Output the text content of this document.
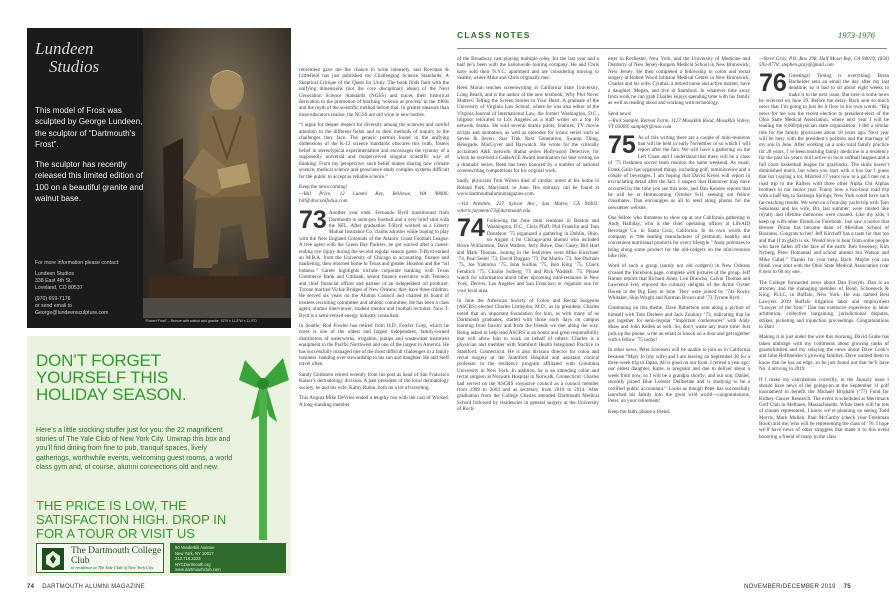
Lundeen
Studios

This model of Frost was sculpted by George Lundeen, the sculptor of “Dartmouth’s Frost”.

The sculptor has recently released this limited edition of 100 on a beautiful granite and walnut base.

For more information please contact:
Lundeen Studios
338 East 4th St.
Loveland, CO 80537
(970) 669-7176
or send email to
George@lundeensculpture.com
“Robert Frost” – Bronze with walnut and granite, 16”H x 11.5”W x 11.5”D
DON’T FORGET YOURSELF THIS HOLIDAY SEASON.
Here’s a little stocking stuffer just for you: the 22 magnificent stories of The Yale Club of New York City. Unwrap this box and you’ll find dining from fine to pub, tranquil spaces, lively gatherings, worthwhile events, welcoming guest rooms, a world class gym and, of course, alumni connections old and new.
THE PRICE IS LOW, THE SATISFACTION HIGH. DROP IN FOR A TOUR OR VISIT US
The Dartmouth College Club
in residence at The Yale Club of New York City
50 Vanderbilt Avenue
New York, NY 10017
212.716.2223
NYCDartmouth.org
www.dartmouthclub.com

retirement gave me the chance to write intensely, and Rowman & Littlefield has just published my Challenging Science Standards: A Skeptical Critique of the Quest for Unity. The book finds fault with the unifying dimensions (not the core disciplinary ideas) of the Next Generation Science Standards (NGSS) and traces their historical derivation to the promotion of teaching ‘science as process’ in the 1960s and the myth of the scientific method before that. In greater measure than most educators realize, the NGSS are old wine in new bottles.

“I argue for deeper respect for diversity among the sciences and careful attention to the different fields and to their methods of inquiry to the challenges they face. The generic portrait found in the unifying dimensions of the K-12 science standards obscures this truth, fosters belief in stereotypical experimentation and encourages the tyranny of a supposedly universal and misperceived singular scientific way of thinking. From my perspective, such belief makes sharing how climate science, medical science and geoscience study complex systems difficult for the public to accept as reliable science.”

Keep the news coming!

—Bill Price, 12 Lummi Key, Bellevue, WA 98006; bill@draconifolius.com

73 Another year ends. Fernando Byrd transitioned from Dartmouth to semi-pro football and a very brief stint with the NFL. After graduation T-Byrd worked as a Liberty Mutual Insurance Co. claims adjuster while hoping to play with the New England Colonials of the Atlantic Coast Football League. A free agent with the Green Bay Packers, he got waived after a career-ending eye injury during the second regular season game. T-Byrd earned an M.B.A. from the University of Chicago in accounting, finance and marketing, then returned home to Texas and greater Houston and the “oil bidness.” Career highlights include corporate banking with Texas Commerce Bank and Citibank, senior finance executive with Tenneco and chief financial officer and partner of an independent oil producer. Tyrone married Vickie Bridges of New Orleans; they have three children. He served six years on the Alumni Council and chaired its board of trustees recruiting committee and athletic committee. He has been a class agent, alumni interviewer, student mentor and football recruiter. Now T-Byrd is a semi-retired energy industry consultant.

In Seattle, Rod Fowler has retired from H.D. Fowler Corp, which he notes is one of the oldest and largest independent, family-owned distributors of waterworks, irrigation, pumps and wastewater treatment equipment in the Pacific Northwest and one of the largest in America. He has successfully managed one of the most difficult challenges in a family business: handing over stewardship to his son and daughter. He and Steff travel often.

Sandy Goldstein retired recently from his post as head of San Francisco Kaiser’s dermatology division. A past president of the local dermatology society, he and his wife, Kathy Rubin, both do a lot of traveling.

This August Mike DeVries ended a lengthy run with the cast of Wicked. A long-standing member

74 DARTMOUTH ALUMNI MAGAZINE

of the Broadway cast playing multiple roles, for the last year and a half he’s been with the nationwide touring company. He and Chris have sold their N.Y.C. apartment and are considering moving to Seattle, where Mike and Chris originally met.

Reed Moran teaches screenwriting at California State University, Long Beach, and is the author of the new textbook, Why Plot Never Matters: Telling the Screen Stories in Your Heart. A graduate of the University of Virginia Law School, where he was also editor of the Virginia Journal of International Law, the former Washington, D.C., litigator relocated to Los Angeles as a staff writer on a top 10 network drama. He sold several drama pilots, features, TV movie scripts and animation, as well as episodes for iconic series such as Seven & Seven, Star Trek Next Generation, Swamp Thing, Renegade, MacGyver and Baywatch. He wrote for the critically acclaimed A&E network drama series Hollywood Detective, for which he received a CableACE Award nomination for best writing on a dramatic series. Reed has been honored by a number of national screenwriting competitions for his original work.

Sadly, physician Tom Wilson died of cardiac arrest at his home in Roland Park, Maryland, in June. His obituary can be found at www.dartmouthalumnimagazine.com.

—Val Armento, 227 Sylvan Ave., San Mateo, CA 94403; valeric.jarmento73@dartmouth.edu

74 Following the June mini reunions in Boston and Washington, D.C., Chris Pfaff, Phil Franklin and Tom Donelson ’75 organized a gathering in Dublin, Ohio, on August 4 for Chicago-area alumni who included Bruce Williamson, Dave Walters, Jerry Rowe, Don Casey, Bill Hart and Mark Thomas. Joining in the festivities were Mike Kirschner ’74, Paul Seitel ’73, David Duggan ’73, Pat Martin ’73, Joe Durham ’75, Joe Yantorno ’75, John Kollias ’75, Bob King ’75, Chuck Fendrich ’75, Charlie Solberg ’75 and Rick Waddell ’75. Please watch for information about other upcoming mini-reunions in New York, Denver, Los Angeles and San Francisco or organize one for your local area.

In June the American Society of Colon and Rectal Surgeons (ASCRS) elected Charles Littlejohn, M.D., as its president. Charles noted that an important foundation for him, as with many of us Dartmouth graduates, started with those early days on campus learning from faculty and from the friends we met along the way. Being asked to help lead ASCRS is an honor and great responsibility that will allow him to work on behalf of others. Charles is a physician and member with Stamford Health Integrated Practice in Stamford, Connecticut. He is also division director for colon and rectal surgery at the Stamford Hospital and assistant clinical professor in the residency program affiliated with Columbia University in New York. In addition, he is an attending colon and rectal surgeon at Norwalk Hospital in Norwalk, Connecticut. Charles had served on the ASCRS executive council as a council member from 1999 to 2003 and as secretary from 2010 to 2014. After graduation from the College Charles attended Dartmouth Medical School followed by residencies in general surgery at the University of Roch-

ester in Rochester, New York, and the University of Medicine and Dentistry of New Jersey-Rutgers Medical School in New Brunswick, New Jersey. He then completed a fellowship in colon and rectal surgery at Robert Wood Johnson Medical Center in New Brunswick. Charles and his wife, Cynthia, a retired nurse and active mother, have a daughter, Megan, and live in Stamford. In whatever time away from work he can grab Charles enjoys spending time with his family as well as reading about and working with technology.

Send news!

—Rick Sample, Retreat Farm, 1127 Mosaklin Road, Mosaklin Valley, VT 05009; samplefr@msn.com

75 As of this writing there are a couple of mini-reunions that will be held in early November or so which I will report after the fact. We will have a gathering on the Left Coast and I understand that there will be a class of ’75 freshmen soccer team reunion the same weekend. As usual, Frank Gallo has organized things, including golf, reminiscence and a couple of beverages. I am hoping that David Keyes will report in excruciating detail after the fact. I suspect that Hannover may have occurred by the time you see this note, and Dan Kendos reports that he will be at Homecoming October 9-11 seeking out fellow classmates. Dan encourages us all to send along photos for the newsletter website.

One fellow who threatens to show up at our California gathering is Andy Halliday, who is the chief operating officer at LifeAID Beverage Co. in Santa Cruz, California. In its own words the company is “the leading manufacturer of premium, healthy and convenient nutritional products for every lifestyle.” Andy promises to bring along some product for the old-codgers on the mini-reunion bike ride.

Word of such a group (surely not old codgers) in New Orleans crossed the Facebook page, complete with pictures of the group. Jeff Hunter reports that Richard Jones, Lon Drancho, Calvin Thomas and Lawrence Ivey enjoyed the culinary delights of the Acme Oyster House in the Big Easy in June. They were joined by ’74s Rocky Whitaker, Skip Wright and Norman Brown and ’73 Tyrone Byrd.

Continuing on this theme, Dave Robertson sent along a picture of himself with Tom Derleen and Jack Zoubary ’73, indicating that he got together for semi-regular “important conferences” with Andy Shaw and John Kellen as well. So, don’t waste any more time: Just pick up the phone, write an email or knock on a door and get together with a fellow ’75 today!

In other news, Peter Sorensen will be unable to join us in California because “Mary Jo (my wife) and I are leaving on September 30 for a three-week trip to Japan. All is good on our front. I retired a year ago; our oldest daughter, Katie, is pregnant and due to deliver about a week from now, so I will be a grandpa shortly; and our son, Daniel, recently joined Blue Lobster Deliberate and is studying to be a certified public accountant.” Looks as though Peter has successfully launched his family into the great wild world—congratulations, Peter, on your retirement!

Keep the faith, phone a friend.

—Steve Gray, P.O. Box 298, Half Moon Bay, CA 94019; (650) 593-8778; stephen.gray@gmail.com

76 Greetings! Timing is everything: Brian Bachelder sent an email the day after my last deadline, so it had to sit about eight weeks to make it to the next issue. But here is some news he received on June 29. Before the delay. Bach sent so much news that I’m going to just let it flow in his own words. “Big news for me was the recent election to president-elect of the Ohio State Medical Association, where next year I will be leading the 8,000-physician state organization. I did a similar role for the family physicians about 10 years ago. Next year will be busy with the president’s position and the marriage of my son in June. After working on a solo rural family practice for 28 years, I’ve been teaching family medicine in a residency for the past six years. Still active in local softball leagues and a full court basketball league for graybacks. The skills haven’t diminished much, but when you start with a low bar I guess that isn’t saying a lot. Married 17 years now to a gal I met on a road trip to the Rafters with three other Alpha Chi Alphas brothers in our senior year. Funny how a two-hour road trip with a half keg to Saratoga Springs, New York could have such far-reaching results. We went on a four-day yacht trip with Tom Sokoloski and his wife, Bit, last summer; were treated like royalty and lifetime memories were created. Like my kids, I keep up with other friends on Facebook. Just saw a notice that Brewer Doran has become dean of Meridian School of Business. Congrats to her! Jeff Kirchoff has a taste for that too and that (I’m glad) is ok. Would love to hear from some people who have fallen off the face of the earth: Bob Sweeney, Kim Nyberg, Peter Domanski and school alumni Stu Watson and Mike Gabel.” Thanks for your help, Bach. Maybe you can finish your stint with the Ohio State Medical Association your 8 next to 60 my one.

The College forwarded news about Dan Forsyth. Dan is an attorney and the managing member of Bond, Schoeneck & King, PLLC, in Buffalo, New York. He was named Best Lawyers 2019 Buffalo litigation labor and employment “Lawyer of the Year.” Dan has extensive experience in labor arbitration, collective bargaining, jurisdictional disputes, strikes, picketing and injunction proceedings. Congratulations to Dan!

Making it in just under the wire this morning, David Grabe has taken umbrage with my comments about growing ranks of grandchildren and my relaying the news about Dave Cook’s and John Hoffmeister’s growing families. Dave wanted them to know that he has an edge, so he just found out that he’ll have No. 4 arriving in 2019.

If I make my calculations correctly, in the January issue I should have news of the goings-on at the September 11 golf tournament to benefit the Michael Brigham (‘77) Fund for Kidney Cancer Research. The event is scheduled at Merrimack Golf Club in Methuen, Massachusetts. While there will be lots of classes represented, I know we’re planning on seeing Todd Morris, Mark Mullen, Paul McCarthy (check your Freshman Book) and me, who will be representing the class of ’76. I hope we’ll have news of other struggles that made it to this event honoring a friend of many in the class

CLASS NOTES	1973-1976
NOVEMBER/DECEMBER 2019 75
